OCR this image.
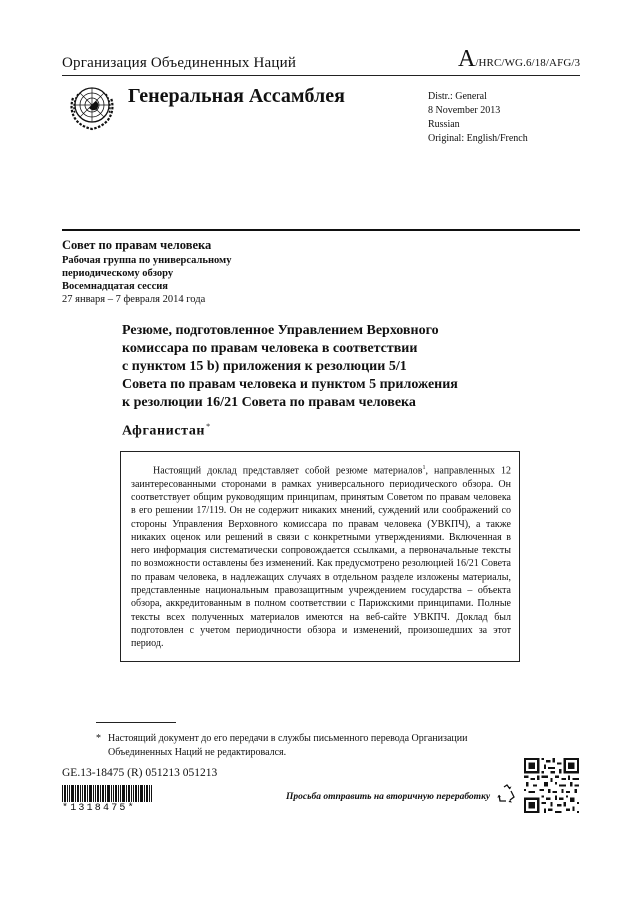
Организация Объединенных Наций	A/HRC/WG.6/18/AFG/3
Генеральная Ассамблея	Distr.: General
8 November 2013
Russian
Original: English/French
Совет по правам человека
Рабочая группа по универсальному
периодическому обзору
Восемнадцатая сессия
27 января – 7 февраля 2014 года
Резюме, подготовленное Управлением Верховного
комиссара по правам человека в соответствии
с пунктом 15 b) приложения к резолюции 5/1
Совета по правам человека и пунктом 5 приложения
к резолюции 16/21 Совета по правам человека
Афганистан*
Настоящий доклад представляет собой резюме материалов$^1$, направленных 12 заинтересованными сторонами в рамках универсального периодического обзора. Он соответствует общим руководящим принципам, принятым Советом по правам человека в его решении 17/119. Он не содержит никаких мнений, суждений или соображений со стороны Управления Верховного комиссара по правам человека (УВКПЧ), а также никаких оценок или решений в связи с конкретными утверждениями. Включенная в него информация систематически сопровождается ссылками, а первоначальные тексты по возможности оставлены без изменений. Как предусмотрено резолюцией 16/21 Совета по правам человека, в надлежащих случаях в отдельном разделе изложены материалы, представленные национальным правозащитным учреждением государства – объекта обзора, аккредитованным в полном соответствии с Парижскими принципами. Полные тексты всех полученных материалов имеются на веб-сайте УВКПЧ. Доклад был подготовлен с учетом периодичности обзора и изменений, произошедших за этот период.
* Настоящий документ до его передачи в службы письменного перевода Организации
Объединенных Наций не редактировался.
GE.13-18475 (R) 051213 051213
*1318475*
Просьба отправить на вторичную переработку
